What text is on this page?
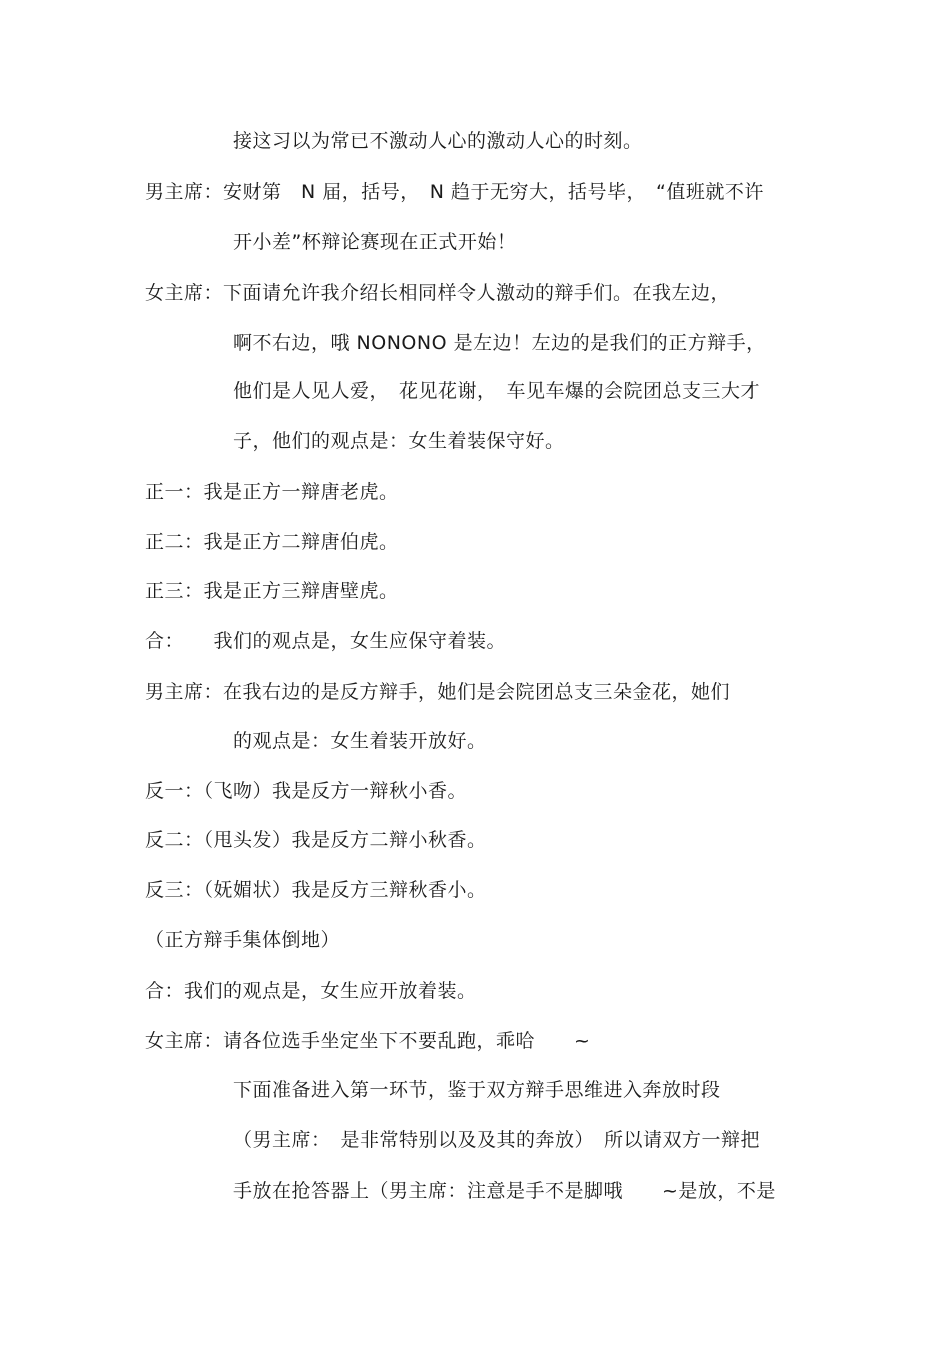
接这习以为常已不激动人心的激动人心的时刻。
男主席：安财第　N 届，括号，　N 趋于无穷大，括号毕，　“值班就不许
开小差”杯辩论赛现在正式开始！
女主席：下面请允许我介绍长相同样令人激动的辩手们。在我左边，
啊不右边，哦 NONONO 是左边！左边的是我们的正方辩手，
他们是人见人爱，　花见花谢，　车见车爆的会院团总支三大才
子，他们的观点是：女生着装保守好。
正一：我是正方一辩唐老虎。
正二：我是正方二辩唐伯虎。
正三：我是正方三辩唐壁虎。
合：　　我们的观点是，女生应保守着装。
男主席：在我右边的是反方辩手，她们是会院团总支三朵金花，她们
的观点是：女生着装开放好。
反一：（飞吻）我是反方一辩秋小香。
反二：（甩头发）我是反方二辩小秋香。
反三：（妩媚状）我是反方三辩秋香小。
（正方辩手集体倒地）
合：我们的观点是，女生应开放着装。
女主席：请各位选手坐定坐下不要乱跑，乖哈　　~
下面准备进入第一环节，鉴于双方辩手思维进入奔放时段
（男主席：　是非常特别以及及其的奔放）　所以请双方一辩把
手放在抢答器上（男主席：注意是手不是脚哦　　~是放，不是
